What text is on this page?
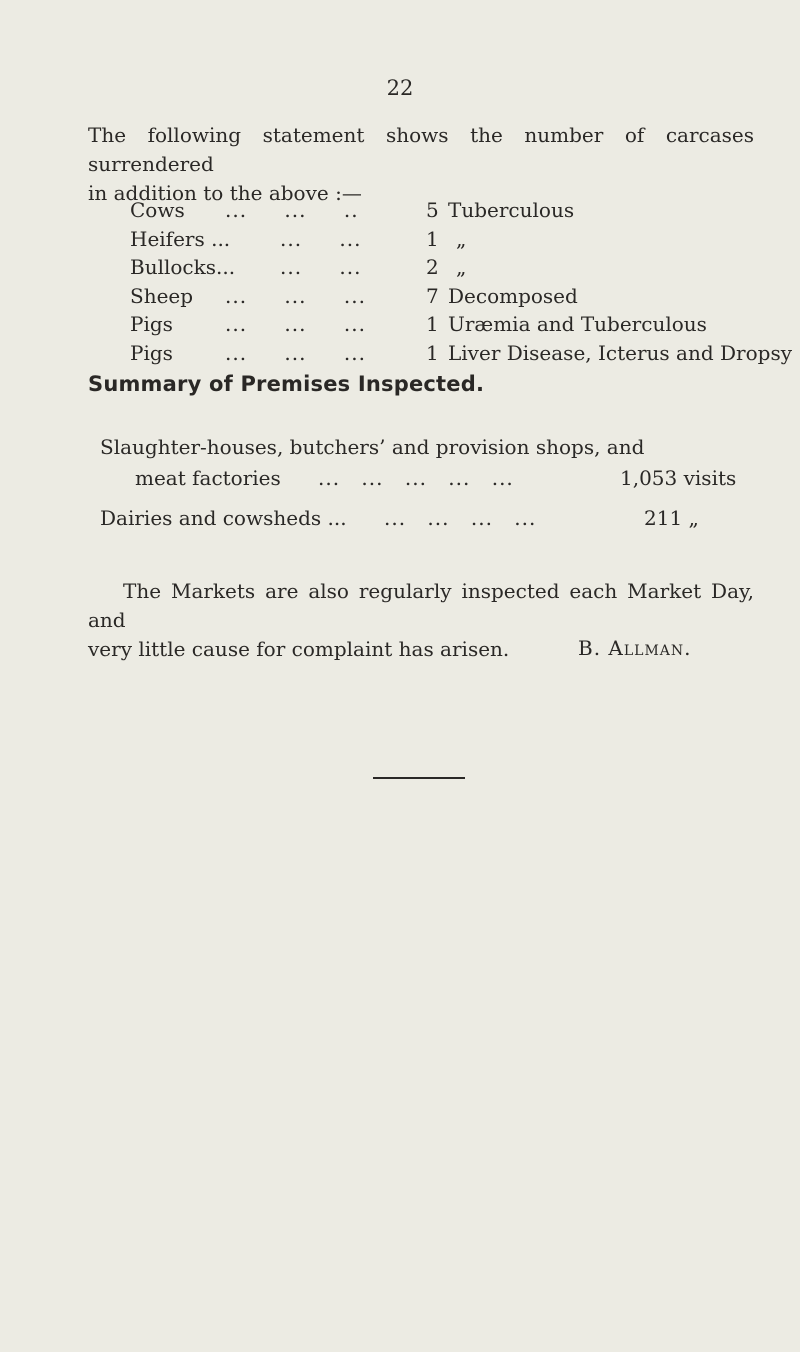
22
The following statement shows the number of carcases surrendered
in addition to the above :—
Cows ... ... ..	5 Tuberculous
Heifers ... ... ...	1 „
Bullocks... ... ...	2 „
Sheep ... ... ...	7 Decomposed
Pigs	... ... ...	1 Uræmia and Tuberculous
Pigs	... ... ...	1 Liver Disease, Icterus and Dropsy
Summary of Premises Inspected.
Slaughter-houses, butchers’ and provision shops, and
meat factories ... ... ... ... ...	1,053 visits
Dairies and cowsheds ... ... ... ... ...	211 „
The Markets are also regularly inspected each Market Day, and
very little cause for complaint has arisen.	B. Allman.
